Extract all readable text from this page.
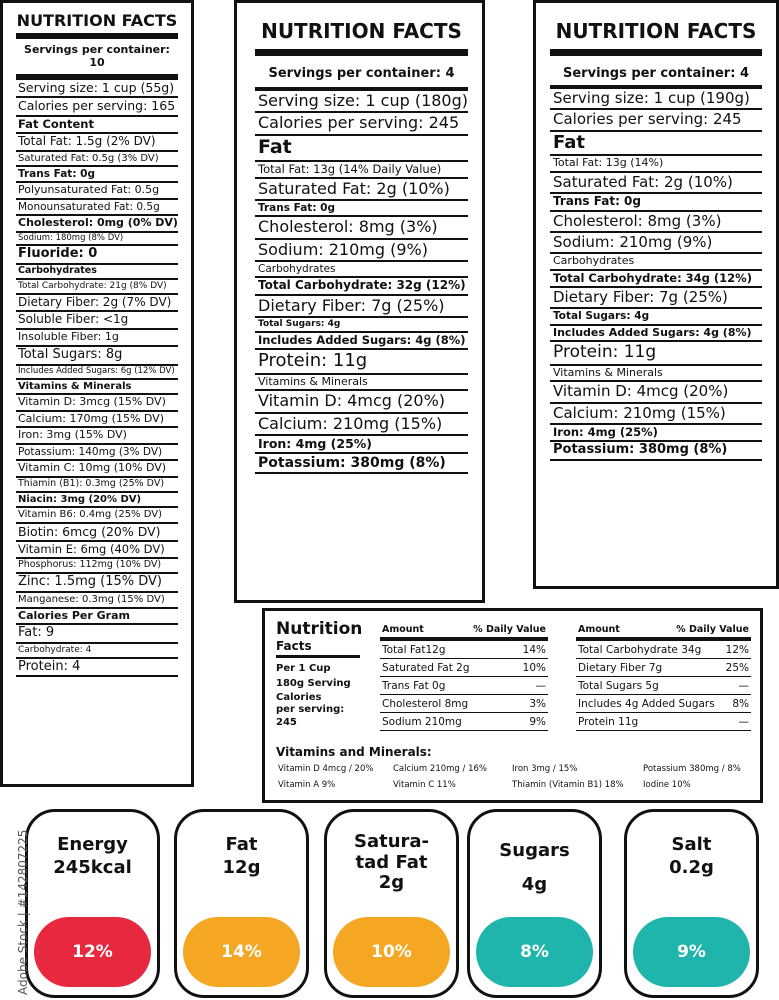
NUTRITION FACTS
Servings per container: 10
Serving size: 1 cup (55g)
Calories per serving: 165
Fat Content
Total Fat: 1.5g (2% DV)
Saturated Fat: 0.5g (3% DV)
Trans Fat: 0g
Polyunsaturated Fat: 0.5g
Monounsaturated Fat: 0.5g
Cholesterol: 0mg (0% DV)
Sodium: 180mg (8% DV)
Fluoride: 0
Carbohydrates
Total Carbohydrate: 21g (8% DV)
Dietary Fiber: 2g (7% DV)
Soluble Fiber: <1g
Insoluble Fiber: 1g
Total Sugars: 8g
Includes Added Sugars: 6g (12% DV)
Vitamins & Minerals
Vitamin D: 3mcg (15% DV)
Calcium: 170mg (15% DV)
Iron: 3mg (15% DV)
Potassium: 140mg (3% DV)
Vitamin C: 10mg (10% DV)
Thiamin (B1): 0.3mg (25% DV)
Niacin: 3mg (20% DV)
Vitamin B6: 0.4mg (25% DV)
Biotin: 6mcg (20% DV)
Vitamin E: 6mg (40% DV)
Phosphorus: 112mg (10% DV)
Zinc: 1.5mg (15% DV)
Manganese: 0.3mg (15% DV)
Calories Per Gram
Fat: 9
Carbohydrate: 4
Protein: 4
NUTRITION FACTS
Servings per container: 4
Serving size: 1 cup (180g)
Calories per serving: 245
Fat
Total Fat: 13g (14% Daily Value)
Saturated Fat: 2g (10%)
Trans Fat: 0g
Cholesterol: 8mg (3%)
Sodium: 210mg (9%)
Carbohydrates
Total Carbohydrate: 32g (12%)
Dietary Fiber: 7g (25%)
Total Sugars: 4g
Includes Added Sugars: 4g (8%)
Protein: 11g
Vitamins & Minerals
Vitamin D: 4mcg (20%)
Calcium: 210mg (15%)
Iron: 4mg (25%)
Potassium: 380mg (8%)
NUTRITION FACTS
Servings per container: 4
Serving size: 1 cup (190g)
Calories per serving: 245
Fat
Total Fat: 13g (14%)
Saturated Fat: 2g (10%)
Trans Fat: 0g
Cholesterol: 8mg (3%)
Sodium: 210mg (9%)
Carbohydrates
Total Carbohydrate: 34g (12%)
Dietary Fiber: 7g (25%)
Total Sugars: 4g
Includes Added Sugars: 4g (8%)
Protein: 11g
Vitamins & Minerals
Vitamin D: 4mcg (20%)
Calcium: 210mg (15%)
Iron: 4mg (25%)
Potassium: 380mg (8%)
Nutrition
Facts
Per 1 Cup
180g Serving
Calories
per serving: 245
Amount	% Daily Value
Total Fat12g	14%
Saturated Fat 2g	10%
Trans Fat 0g	—
Cholesterol 8mg	3%
Sodium 210mg	9%
Amount	% Daily Value
Total Carbohydrate 34g 12%
Dietary Fiber 7g	25%
Total Sugars 5g	—
Includes 4g Added Sugars 8%
Protein 11g	—
Vitamins and Minerals:
Vitamin D 4mcg / 20% Calcium 210mg / 16%	Iron 3mg / 15%	Potassium 380mg / 8%
Vitamin A 9%	Vitamin C 11%	Thiamin (Vitamin B1) 18% Iodine 10%
Energy
245kcal
12%
Fat
12g
14%
Satura-
tad Fat
2g
10%
Sugars
4g
8%
Salt
0.2g
9%
Adobe Stock | #142807225
